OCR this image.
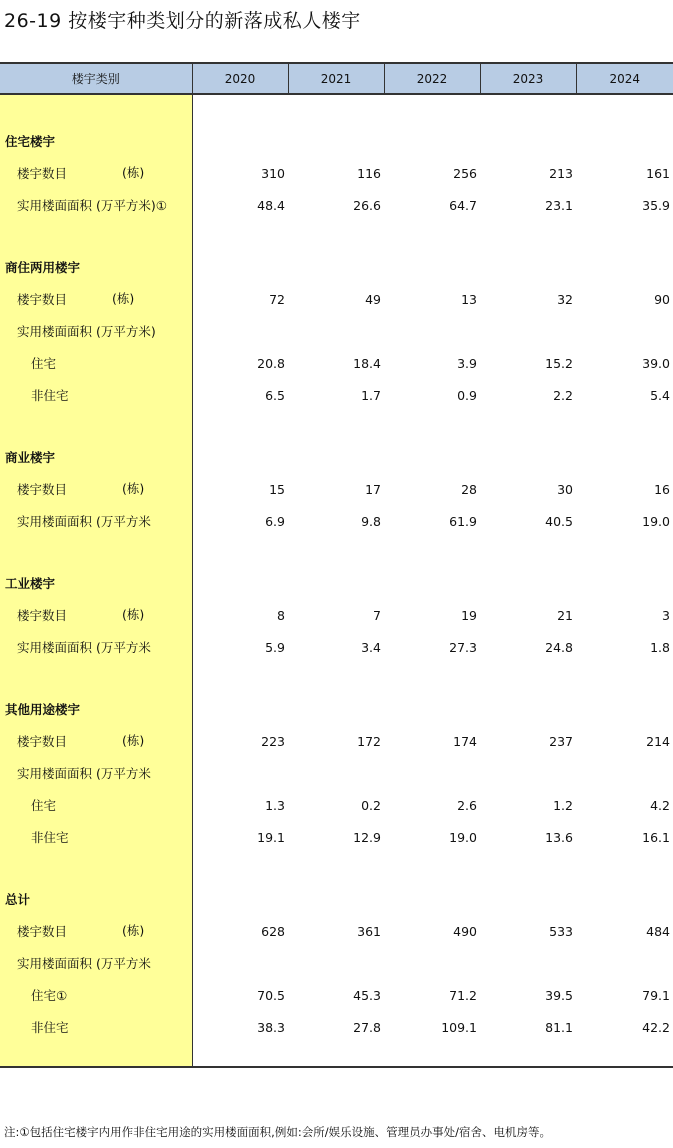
26-19 按楼宇种类划分的新落成私人楼宇
楼宇类别	2020	2021	2022	2023	2024

住宅楼宇					
楼宇数目 (栋)	310	116	256	213	161
实用楼面面积 (万平方米)①	48.4	26.6	64.7	23.1	35.9

商住两用楼宇					
楼宇数目 (栋)	72	49	13	32	90
实用楼面面积 (万平方米)					
住宅	20.8	18.4	3.9	15.2	39.0
非住宅	6.5	1.7	0.9	2.2	5.4

商业楼宇					
楼宇数目 (栋)	15	17	28	30	16
实用楼面面积 (万平方米	6.9	9.8	61.9	40.5	19.0

工业楼宇					
楼宇数目 (栋)	8	7	19	21	3
实用楼面面积 (万平方米	5.9	3.4	27.3	24.8	1.8

其他用途楼宇					
楼宇数目 (栋)	223	172	174	237	214
实用楼面面积 (万平方米					
住宅	1.3	0.2	2.6	1.2	4.2
非住宅	19.1	12.9	19.0	13.6	16.1

总计					
楼宇数目 (栋)	628	361	490	533	484
实用楼面面积 (万平方米					
住宅①	70.5	45.3	71.2	39.5	79.1
非住宅	38.3	27.8	109.1	81.1	42.2

注:①包括住宅楼宇内用作非住宅用途的实用楼面面积,例如:会所/娱乐设施、管理员办事处/宿舍、电机房等。
